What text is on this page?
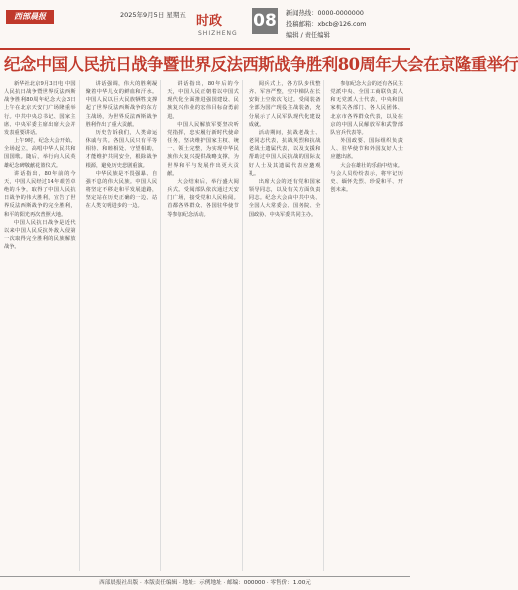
西部晨报	2025年9月5日 星期五 时政
SHIZHENG
08 新闻热线：0000-0000000
投稿邮箱：xbcb@126.com
编辑 / 责任编辑
纪念中国人民抗日战争暨世界反法西斯战争胜利80周年大会在京隆重举行

新华社北京9月3日电 中国人民抗日战争暨世界反法西斯战争胜利80周年纪念大会3日上午在北京天安门广场隆重举行。中共中央总书记、国家主席、中央军委主席出席大会并发表重要讲话。

上午9时，纪念大会开始。全场起立，高唱中华人民共和国国歌。随后，举行向人民英雄纪念碑敬献花篮仪式。

讲话指出，80年前的今天，中国人民经过14年艰苦卓绝的斗争，取得了中国人民抗日战争的伟大胜利，宣告了世界反法西斯战争的完全胜利，和平的阳光再次普照大地。

中国人民抗日战争是近代以来中国人民反抗外敌入侵第一次取得完全胜利的民族解放战争。

讲话强调，伟大的胜利凝聚着中华儿女的鲜血和汗水。中国人民以巨大民族牺牲支撑起了世界反法西斯战争的东方主战场，为世界反法西斯战争胜利作出了重大贡献。

历史告诉我们，人类命运休戚与共。各国人民只有平等相待、和睦相处、守望相助，才能维护共同安全，根除战争根源，避免历史悲剧重演。

中华民族是不畏强暴、自强不息的伟大民族。中国人民将坚定不移走和平发展道路，坚定站在历史正确的一边、站在人类文明进步的一边。

讲话指出，80年后的今天，中国人民正朝着以中国式现代化全面推进强国建设、民族复兴伟业的宏伟目标奋勇前进。

中国人民解放军要坚决听党指挥，忠实履行新时代使命任务，坚决维护国家主权、统一、领土完整，为实现中华民族伟大复兴提供战略支撑，为世界和平与发展作出更大贡献。

大会结束后，举行盛大阅兵式。受阅部队依次通过天安门广场，接受党和人民检阅。首都各界群众、各国驻华使节等参加纪念活动。

阅兵式上，各方队步伐整齐、军容严整，空中梯队在长安街上空依次飞过。受阅装备全部为国产现役主战装备，充分展示了人民军队现代化建设成就。

活动期间，抗战老战士、老同志代表，抗战英烈和抗战老战士遗属代表，以及支援和帮助过中国人民抗战的国际友好人士及其遗属代表应邀观礼。

出席大会的还有党和国家领导同志，以及有关方面负责同志。纪念大会由中共中央、全国人大常委会、国务院、全国政协、中央军委共同主办。

参加纪念大会的还有各民主党派中央、全国工商联负责人和无党派人士代表，中央和国家机关各部门、各人民团体、北京市各界群众代表，以及在京的中国人民解放军和武警部队官兵代表等。

外国政要、国际组织负责人、驻华使节和外国友好人士应邀出席。

大会在雄壮的乐曲中结束。与会人员纷纷表示，将牢记历史、缅怀先烈、珍爱和平、开创未来。

西部晨报社出版 · 本版责任编辑 · 地址：示例地址 · 邮编：000000 · 零售价：1.00元
